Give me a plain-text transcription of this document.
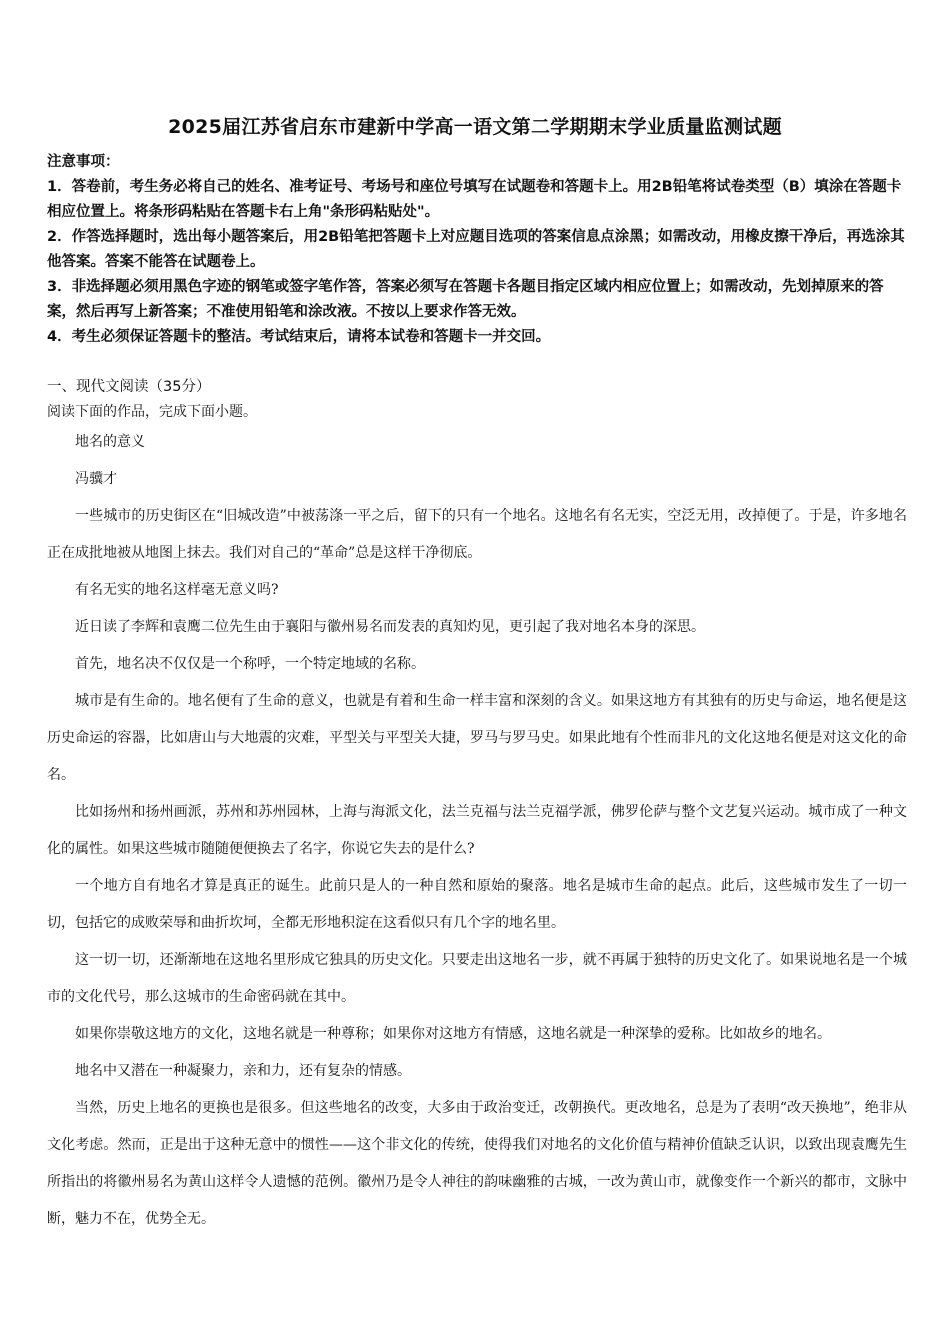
2025届江苏省启东市建新中学高一语文第二学期期末学业质量监测试题

注意事项：

1．答卷前，考生务必将自己的姓名、准考证号、考场号和座位号填写在试题卷和答题卡上。用2B铅笔将试卷类型（B）填涂在答题卡相应位置上。将条形码粘贴在答题卡右上角"条形码粘贴处"。

2．作答选择题时，选出每小题答案后，用2B铅笔把答题卡上对应题目选项的答案信息点涂黑；如需改动，用橡皮擦干净后，再选涂其他答案。答案不能答在试题卷上。

3．非选择题必须用黑色字迹的钢笔或签字笔作答，答案必须写在答题卡各题目指定区域内相应位置上；如需改动，先划掉原来的答案，然后再写上新答案；不准使用铅笔和涂改液。不按以上要求作答无效。

4．考生必须保证答题卡的整洁。考试结束后，请将本试卷和答题卡一并交回。

一、现代文阅读（35分）
阅读下面的作品，完成下面小题。

地名的意义

冯骥才

一些城市的历史街区在“旧城改造”中被荡涤一平之后，留下的只有一个地名。这地名有名无实，空泛无用，改掉便了。于是，许多地名正在成批地被从地图上抹去。我们对自己的“革命”总是这样干净彻底。

有名无实的地名这样毫无意义吗?

近日读了李辉和袁鹰二位先生由于襄阳与徽州易名而发表的真知灼见，更引起了我对地名本身的深思。

首先，地名决不仅仅是一个称呼，一个特定地域的名称。

城市是有生命的。地名便有了生命的意义，也就是有着和生命一样丰富和深刻的含义。如果这地方有其独有的历史与命运，地名便是这历史命运的容器，比如唐山与大地震的灾难，平型关与平型关大捷，罗马与罗马史。如果此地有个性而非凡的文化这地名便是对这文化的命名。

比如扬州和扬州画派，苏州和苏州园林，上海与海派文化，法兰克福与法兰克福学派，佛罗伦萨与整个文艺复兴运动。城市成了一种文化的属性。如果这些城市随随便便换去了名字，你说它失去的是什么?

一个地方自有地名才算是真正的诞生。此前只是人的一种自然和原始的聚落。地名是城市生命的起点。此后，这些城市发生了一切一切，包括它的成败荣辱和曲折坎坷，全都无形地积淀在这看似只有几个字的地名里。

这一切一切，还渐渐地在这地名里形成它独具的历史文化。只要走出这地名一步，就不再属于独特的历史文化了。如果说地名是一个城市的文化代号，那么这城市的生命密码就在其中。

如果你崇敬这地方的文化，这地名就是一种尊称；如果你对这地方有情感，这地名就是一种深挚的爱称。比如故乡的地名。

地名中又潜在一种凝聚力，亲和力，还有复杂的情感。

当然，历史上地名的更换也是很多。但这些地名的改变，大多由于政治变迁，改朝换代。更改地名，总是为了表明“改天换地”，绝非从文化考虑。然而，正是出于这种无意中的惯性——这个非文化的传统，使得我们对地名的文化价值与精神价值缺乏认识，以致出现袁鹰先生所指出的将徽州易名为黄山这样令人遗憾的范例。徽州乃是令人神往的韵味幽雅的古城，一改为黄山市，就像变作一个新兴的都市，文脉中断，魅力不在，优势全无。
